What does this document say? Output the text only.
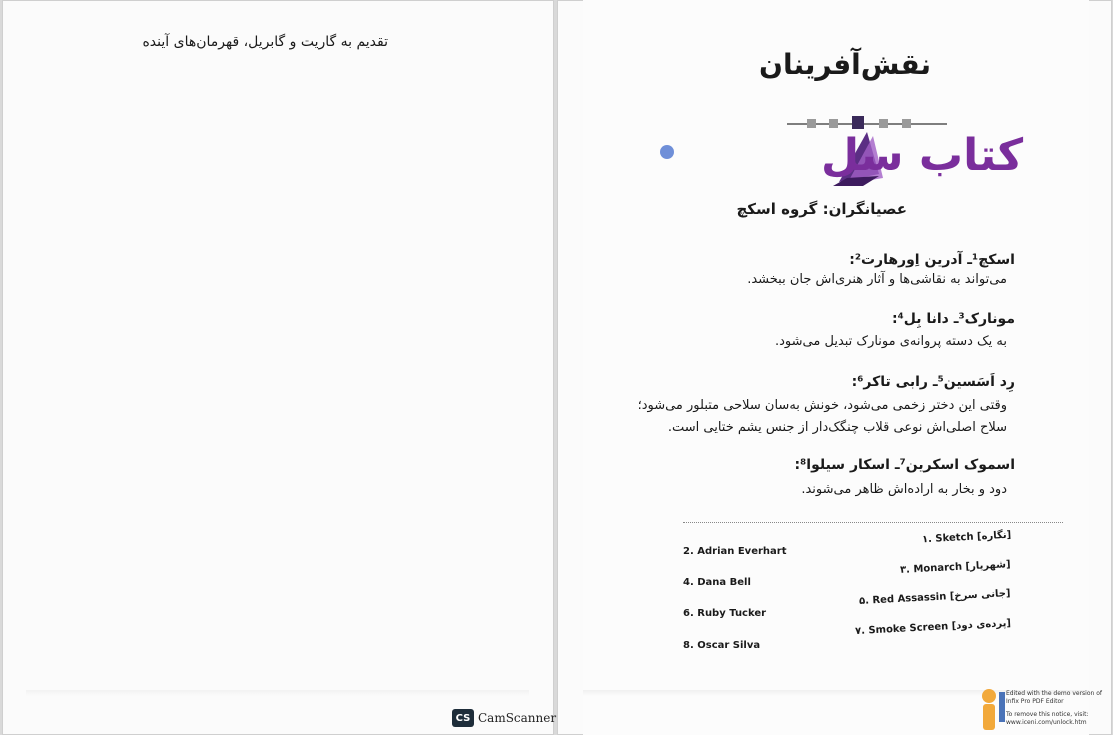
تقدیم به گاریت و گابریل، قهرمان‌های آینده
CS CamScanner
نقش‌آفرینان
کتاب سل
عصیانگران: گروه اسکچ
اسکچ¹ـ آدرین اِورهارت²:
می‌تواند به نقاشی‌ها و آثار هنری‌اش جان ببخشد.
مونارک³ـ دانا بِل⁴:
به یک دسته پروانه‌ی مونارک تبدیل می‌شود.
رِد اَسَسین⁵ـ رابی تاکر⁶:
وقتی این دختر زخمی می‌شود، خونش به‌سان سلاحی متبلور می‌شود؛
سلاح اصلی‌اش نوعی قلاب چنگک‌دار از جنس یشم ختایی است.
اسموک اسکرین⁷ـ اسکار سیلوا⁸:
دود و بخار به اراده‌اش ظاهر می‌شوند.
2. Adrian Everhart
4. Dana Bell
6. Ruby Tucker
8. Oscar Silva
۱. Sketch [نگاره]
۳. Monarch [شهریار]
۵. Red Assassin [جانی سرخ]
۷. Smoke Screen [پرده‌ی دود]
Edited with the demo version of
Infix Pro PDF Editor
To remove this notice, visit:
www.iceni.com/unlock.htm
